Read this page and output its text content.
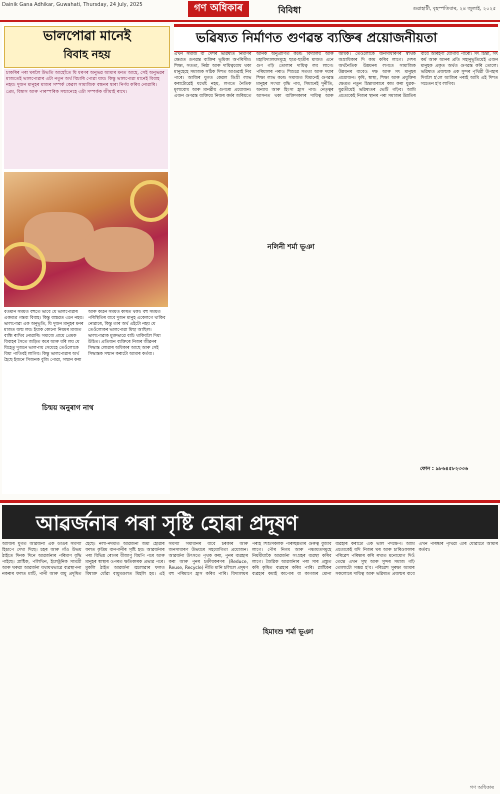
Dainik Gana Adhikar, Guwahati, Thursday, 24 July, 2025	গণ অধিকাৰ	বিবিধা	গুৱাহাটী, বৃহস্পতিবাৰ, ২৪ জুলাই, ২০২৫
ভালপোৱা মানেই
বিবাহ নহয়
চাকৰিৰ পৰা ঘৰলৈ উভতি আহোঁতে যি ধৰণৰ অনুভৱ আমাৰ মনত আহে, সেই অনুভৱৰ মাজতেই ভালপোৱাৰ এটা নতুন অৰ্থ বিচাৰি পোৱা যায়। কিন্তু ভালপোৱা মানেই বিবাহ নহয়। দুজন মানুহৰ মাজৰ সম্পৰ্ক কেৱল সামাজিক বন্ধনৰ দ্বাৰা নিৰ্ণয় কৰিব নোৱাৰি। প্ৰেম, বিশ্বাস আৰু পাৰস্পৰিক সন্মানেহে এটা সম্পৰ্কক জীয়াই ৰাখে।
বৰ্তমান সময়ত বহুতে ভাবে যে ভালপোৱাৰ একমাত্ৰ গন্তব্য বিবাহ। কিন্তু বাস্তৱত এনে নহয়। ভালপোৱা এক অনুভূতি, যি দুজন মানুহৰ মনৰ মাজত জন্ম লয়। ইয়াক কোনো নিয়মৰ মাজত বান্ধি ৰাখিব নোৱাৰি। সমাজে প্ৰায়ে প্ৰেমক বিবাহৰ সৈতে জড়িত কৰে আৰু ধৰি লয় যে যিহেতু দুজনে ভালপায় সেয়েহে তেওঁলোকে বিয়া পাতিবই লাগিব। কিন্তু ভালপোৱাৰ অৰ্থ হৈছে ইজনে সিজনক বুজি পোৱা, সন্মান কৰা আৰু কঠিন সময়ত কাষত থকা। বহু সময়ত পৰিস্থিতিৰ বাবে দুজন মানুহ একেলগে থাকিব নোৱাৰে, কিন্তু তাৰ অৰ্থ এইটো নহয় যে তেওঁলোকৰ ভালপোৱা মিছা আছিল। ভালপোৱাক মুক্তভাৱে বাচি থাকিবলৈ দিয়া উচিত। প্ৰতিজন ব্যক্তিৰে নিজৰ জীৱনৰ সিদ্ধান্ত লোৱাৰ অধিকাৰ আছে আৰু সেই সিদ্ধান্তক সন্মান কৰাটো আমাৰ কৰ্তব্য।
চিন্ময় অনুৰাগ নাথ
ভৱিষ্যত নিৰ্মাণত গুণৱন্ত ব্যক্তিৰ প্ৰয়োজনীয়তা
এখন সমাজ বা দেশৰ ভৱিষ্যত নিৰ্মাণৰ ক্ষেত্ৰত গুণৱন্ত ব্যক্তিৰ ভূমিকা অপৰিসীম। শিক্ষা, সততা, নিষ্ঠা আৰু দায়িত্ববোধ থকা মানুহেহে সমাজক সঠিক দিশত আগুৱাই নিব পাৰে। আজিৰ যুগত কেৱল ডিগ্ৰী লাভ কৰাটোৱেই যথেষ্ট নহয়, লগতে নৈতিক মূল্যবোধ আৰু মানৱীয় গুণৰো প্ৰয়োজন। এজন গুণৱন্ত ব্যক্তিয়ে নিজৰ কৰ্মৰ জৰিয়তে আনক অনুপ্ৰাণিত কৰে। বিদ্যালয় আৰু মহাবিদ্যালয়সমূহে ছাত্ৰ-ছাত্ৰীৰ মাজত এনে গুণ গঢ়ি তোলাৰ দায়িত্ব লব লাগে। পৰিয়ালৰ পৰাও শিশুৱে সততা আৰু দয়াৰ শিক্ষা লাভ কৰে। সমাজত যিমানেই গুণৱন্ত মানুহৰ সংখ্যা বৃদ্ধি পাব, সিমানেই দুৰ্নীতি, অন্যায় আৰু হিংসা হ্ৰাস পাব। নেতৃত্বৰ আসনত থকা ব্যক্তিসকলৰ দায়িত্ব আৰু অধিক। তেওঁলোকে জনসাধাৰণৰ স্বাৰ্থক অগ্ৰাধিকাৰ দি কাম কৰিব লাগে। দেশৰ অৰ্থনৈতিক উন্নয়নৰ লগতে সামাজিক উন্নয়নৰ বাবেও দক্ষ আৰু সৎ মানুহৰ প্ৰয়োজন। কৃষি, স্বাস্থ্য, শিক্ষা আৰু প্ৰযুক্তিৰ ক্ষেত্ৰত নতুন চিন্তাধাৰাৰে কাম কৰা যুৱক-যুৱতীয়েই ভৱিষ্যতৰ ভেটি গঢ়িব। আমি প্ৰত্যেকেই নিজৰ স্থানৰ পৰা সমাজৰ উন্নতিৰ বাবে অৰিহণা যোগাব পাৰো। সৎ চিন্তা, সৎ কৰ্ম আৰু আনৰ প্ৰতি সহানুভূতিয়েই এজন মানুহক প্ৰকৃত অৰ্থত গুণৱন্ত কৰি তোলে। ভৱিষ্যত প্ৰজন্মক এক সুন্দৰ পৃথিৱী উপহাৰ দিবলৈ হ'লে আজিৰ পৰাই আমি এই দিশত সচেতন হ'ব লাগিব।
নলিনী শৰ্মা ভূঞা
ফোন : ৯৮৬৪৫৮২৩৩৬
আৱৰ্জনাৰ পৰা সৃষ্টি হোৱা প্ৰদূষণ
আজিৰ যুগত আৱৰ্জনা এক ডাঙৰ সমস্যা হিচাপে দেখা দিছে। চহৰ আৰু গাঁও উভয় ঠাইতে দিনক দিনে আৱৰ্জনাৰ পৰিমাণ বৃদ্ধি পাইছে। প্লাষ্টিক, পলিথিন, ইলেক্ট্ৰনিক সামগ্ৰী আৰু ঘৰুৱা আৱৰ্জনা যথাযথভাৱে ব্যৱস্থাপনা নকৰাৰ ফলত মাটি, পানী আৰু বায়ু প্ৰদূষিত হৈছে। নলা-নৰ্দমাত আৱৰ্জনা জমা হোৱাৰ ফলত কৃত্ৰিম বানপানীৰ সৃষ্টি হয়। আৱৰ্জনাৰ পৰা বিভিন্ন ৰোগৰ বীজাণু বিয়পি পৰে আৰু মানুহৰ স্বাস্থ্যৰ ওপৰত ক্ষতিকাৰক প্ৰভাৱ পৰে। মুকলি ঠাইত আৱৰ্জনা জ্বলোৱাৰ ফলত বিষাক্ত ধোঁৱা বায়ুমণ্ডলত মিহলি হয়। এই সমস্যা সমাধানৰ বাবে চৰকাৰ আৰু জনসাধাৰণ উভয়ৰে সহযোগিতা প্ৰয়োজন। আৱৰ্জনা উৎসতে পৃথক কৰা, পুনৰ ব্যৱহাৰ কৰা আৰু পুনৰ চক্ৰীয়কৰণৰ (Reduce, Reuse, Recycle) নীতি মানি চলিলে প্ৰদূষণ বহু পৰিমাণে হ্ৰাস কৰিব পাৰি। বিদ্যালয়ৰ পৰাই শিশুসকলক পৰিচ্ছন্নতাৰ গুৰুত্ব বুজাব লাগে। পৌৰ নিগম আৰু পঞ্চায়তসমূহে নিয়মীয়াকৈ আৱৰ্জনা সংগ্ৰহৰ ব্যৱস্থা কৰিব লাগে। জৈৱিক আৱৰ্জনাৰ পৰা সাৰ প্ৰস্তুত কৰি কৃষিত ব্যৱহাৰ কৰিব পাৰি। প্লাষ্টিকৰ ব্যৱহাৰ কমাই কাপোৰ বা কাগজৰ মোনা ব্যৱহাৰ কৰাটো এক ভাল পদক্ষেপ। আমি প্ৰত্যেকেই যদি নিজৰ ঘৰ আৰু চাৰিওফালৰ পৰিৱেশ পৰিষ্কাৰ কৰি ৰখাত মনোযোগ দিওঁ তেন্তে এখন সুস্থ আৰু সুন্দৰ সমাজ গঢ়ি তোলাটো সম্ভৱ হ'ব। পৰিৱেশ সুৰক্ষা আমাৰ সকলোৰে দায়িত্ব আৰু ভৱিষ্যত প্ৰজন্মৰ বাবে এখন পৰিষ্কাৰ পৃথিৱী এৰি যোৱাটো আমাৰ কৰ্তব্য।
হিমাংশু শৰ্মা ভূঞা
গণ অধিকাৰ
